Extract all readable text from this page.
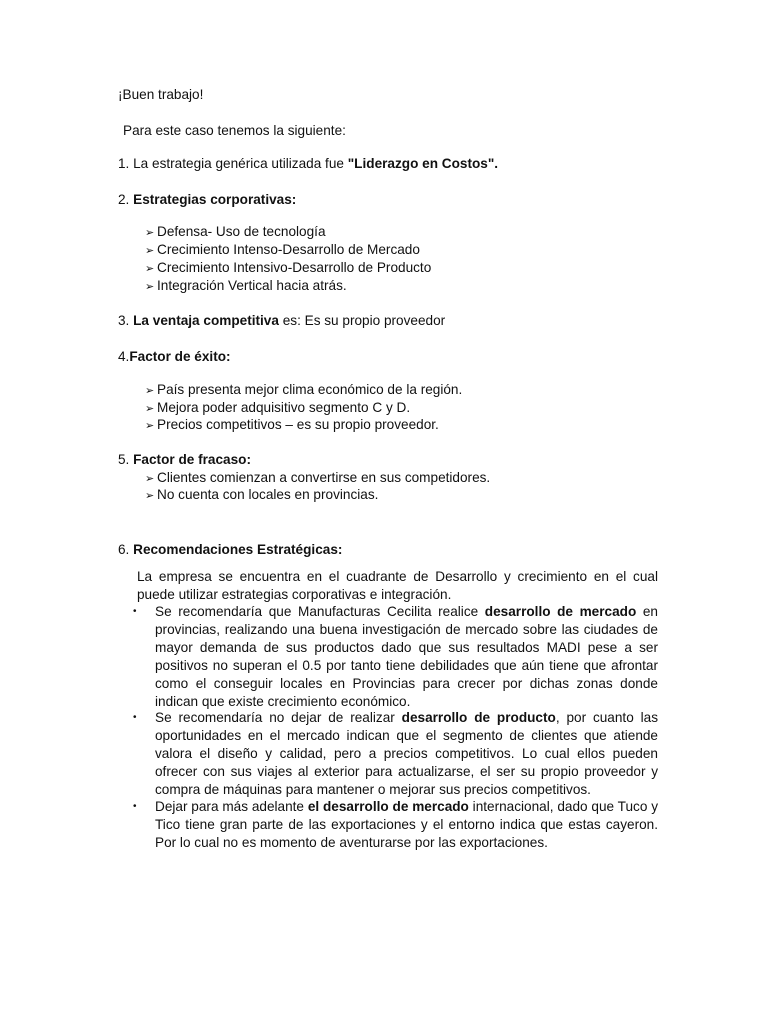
¡Buen trabajo!
Para este caso tenemos la siguiente:
1. La estrategia genérica utilizada fue "Liderazgo en Costos".
2. Estrategias corporativas:
➢ Defensa- Uso de tecnología
➢ Crecimiento Intenso-Desarrollo de Mercado
➢ Crecimiento Intensivo-Desarrollo de Producto
➢ Integración Vertical hacia atrás.
3. La ventaja competitiva es: Es su propio proveedor
4.Factor de éxito:
➢ País presenta mejor clima económico de la región.
➢ Mejora poder adquisitivo segmento C y D.
➢ Precios competitivos – es su propio proveedor.
5. Factor de fracaso:
➢ Clientes comienzan a convertirse en sus competidores.
➢ No cuenta con locales en provincias.
6. Recomendaciones Estratégicas:
La empresa se encuentra en el cuadrante de Desarrollo y crecimiento en el cual puede utilizar estrategias corporativas e integración.
• Se recomendaría que Manufacturas Cecilita realice desarrollo de mercado en provincias, realizando una buena investigación de mercado sobre las ciudades de mayor demanda de sus productos dado que sus resultados MADI pese a ser positivos no superan el 0.5 por tanto tiene debilidades que aún tiene que afrontar como el conseguir locales en Provincias para crecer por dichas zonas donde indican que existe crecimiento económico.
• Se recomendaría no dejar de realizar desarrollo de producto, por cuanto las oportunidades en el mercado indican que el segmento de clientes que atiende valora el diseño y calidad, pero a precios competitivos. Lo cual ellos pueden ofrecer con sus viajes al exterior para actualizarse, el ser su propio proveedor y compra de máquinas para mantener o mejorar sus precios competitivos.
• Dejar para más adelante el desarrollo de mercado internacional, dado que Tuco y Tico tiene gran parte de las exportaciones y el entorno indica que estas cayeron. Por lo cual no es momento de aventurarse por las exportaciones.
